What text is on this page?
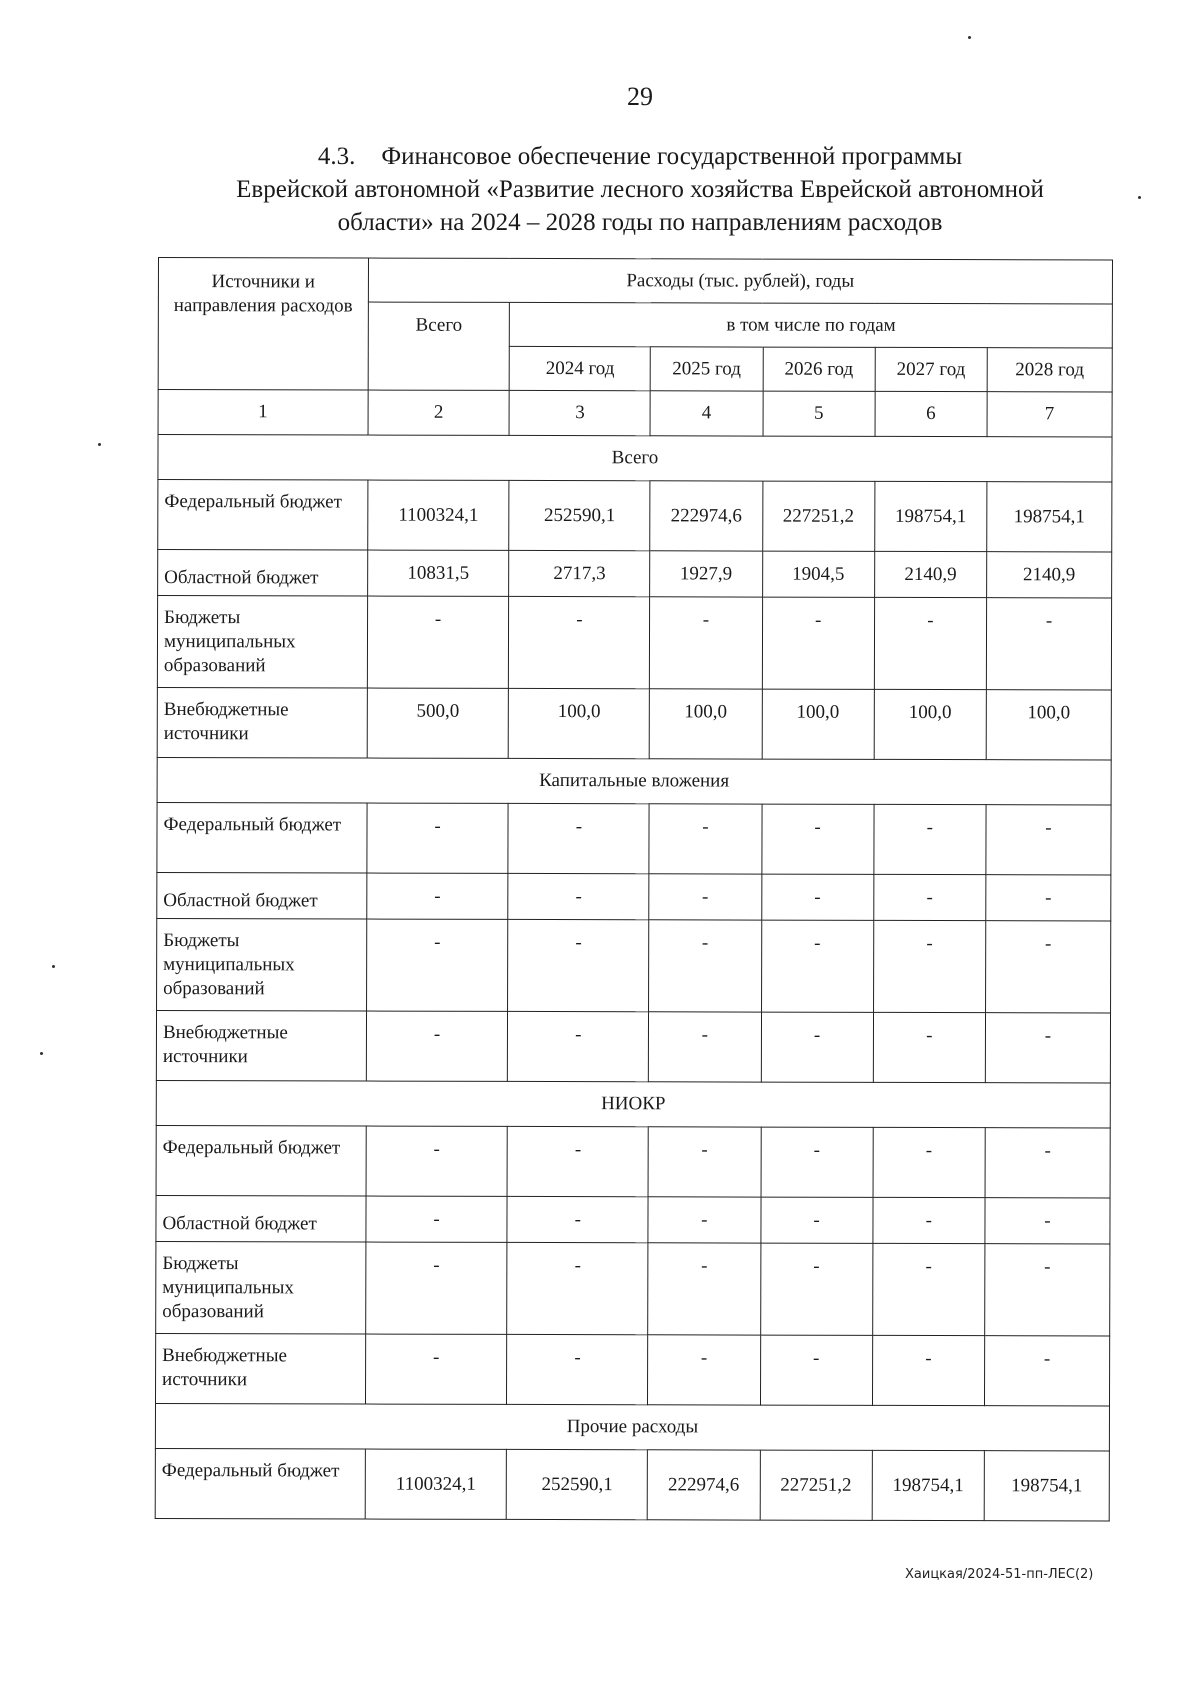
29
4.3. Финансовое обеспечение государственной программы
Еврейской автономной «Развитие лесного хозяйства Еврейской автономной
области» на 2024 – 2028 годы по направлениям расходов
Источники и направления расходов	Расходы (тыс. рублей), годы					
	Всего	в том числе по годам				
		2024 год	2025 год	2026 год	2027 год	2028 год
1	2	3	4	5	6	7
Всего						
Федеральный бюджет	1100324,1	252590,1	222974,6	227251,2	198754,1	198754,1
Областной бюджет	10831,5	2717,3	1927,9	1904,5	2140,9	2140,9
Бюджеты муниципальных образований	-	-	-	-	-	-
Внебюджетные источники	500,0	100,0	100,0	100,0	100,0	100,0
Капитальные вложения						
Федеральный бюджет	-	-	-	-	-	-
Областной бюджет	-	-	-	-	-	-
Бюджеты муниципальных образований	-	-	-	-	-	-
Внебюджетные источники	-	-	-	-	-	-
НИОКР						
Федеральный бюджет	-	-	-	-	-	-
Областной бюджет	-	-	-	-	-	-
Бюджеты муниципальных образований	-	-	-	-	-	-
Внебюджетные источники	-	-	-	-	-	-
Прочие расходы						
Федеральный бюджет	1100324,1	252590,1	222974,6	227251,2	198754,1	198754,1
Хаицкая/2024-51-пп-ЛЕС(2)
